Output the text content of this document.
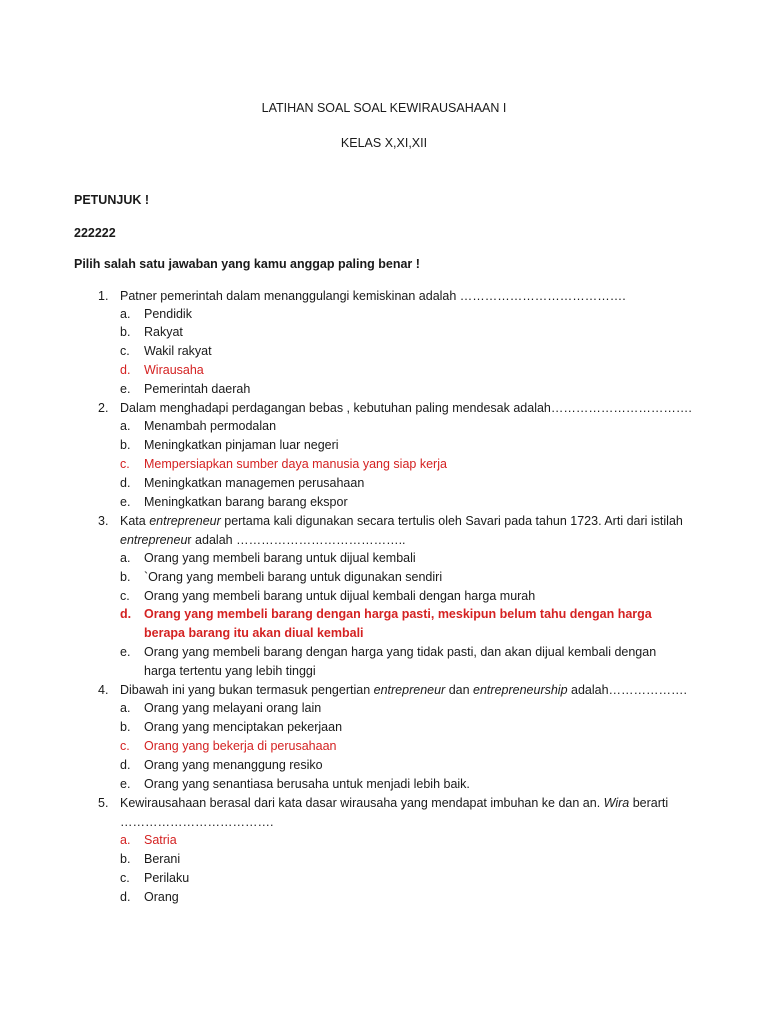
LATIHAN SOAL SOAL KEWIRAUSAHAAN I
KELAS X,XI,XII
PETUNJUK !
222222
Pilih salah satu jawaban yang kamu anggap paling benar !
1. Patner pemerintah dalam menanggulangi kemiskinan adalah ………………………………….
a. Pendidik
b. Rakyat
c. Wakil rakyat
d. Wirausaha
e. Pemerintah daerah
2. Dalam menghadapi perdagangan bebas , kebutuhan paling mendesak adalah…………………………….
a. Menambah permodalan
b. Meningkatkan pinjaman luar negeri
c. Mempersiapkan sumber daya manusia yang siap kerja
d. Meningkatkan managemen perusahaan
e. Meningkatkan barang barang ekspor
3. Kata entrepreneur pertama kali digunakan secara tertulis oleh Savari pada tahun 1723. Arti dari istilah entrepreneur adalah …………………………………..
a. Orang yang membeli barang untuk dijual kembali
b. `Orang yang membeli barang untuk digunakan sendiri
c. Orang yang membeli barang untuk dijual kembali dengan harga murah
d. Orang yang membeli barang dengan harga pasti, meskipun belum tahu dengan harga berapa barang itu akan diual kembali
e. Orang yang membeli barang dengan harga yang tidak pasti, dan akan dijual kembali dengan harga tertentu yang lebih tinggi
4. Dibawah ini yang bukan termasuk pengertian entrepreneur dan entrepreneurship adalah……………….
a. Orang yang melayani orang lain
b. Orang yang menciptakan pekerjaan
c. Orang yang bekerja di perusahaan
d. Orang yang menanggung resiko
e. Orang yang senantiasa berusaha untuk menjadi lebih baik.
5. Kewirausahaan berasal dari kata dasar wirausaha yang mendapat imbuhan ke dan an. Wira berarti ……………………………….
a. Satria
b. Berani
c. Perilaku
d. Orang
